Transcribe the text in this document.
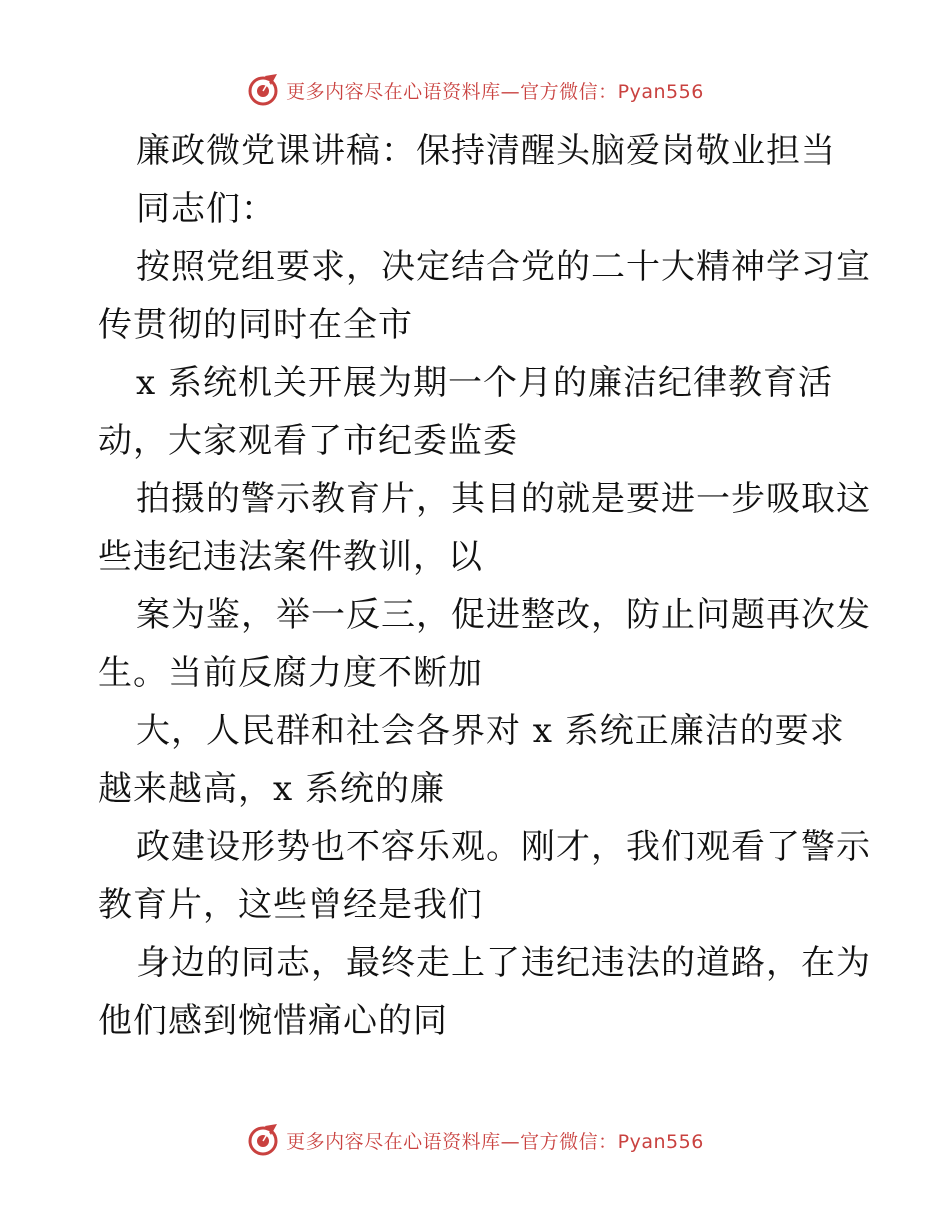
更多内容尽在心语资料库—官方微信：Pyan556
廉政微党课讲稿：保持清醒头脑爱岗敬业担当
同志们：
按照党组要求，决定结合党的二十大精神学习宣
传贯彻的同时在全市
x 系统机关开展为期一个月的廉洁纪律教育活
动，大家观看了市纪委监委
拍摄的警示教育片，其目的就是要进一步吸取这
些违纪违法案件教训，以
案为鉴，举一反三，促进整改，防止问题再次发
生。当前反腐力度不断加
大，人民群和社会各界对 x 系统正廉洁的要求
越来越高，x 系统的廉
政建设形势也不容乐观。刚才，我们观看了警示
教育片，这些曾经是我们
身边的同志，最终走上了违纪违法的道路，在为
他们感到惋惜痛心的同
更多内容尽在心语资料库—官方微信：Pyan556
